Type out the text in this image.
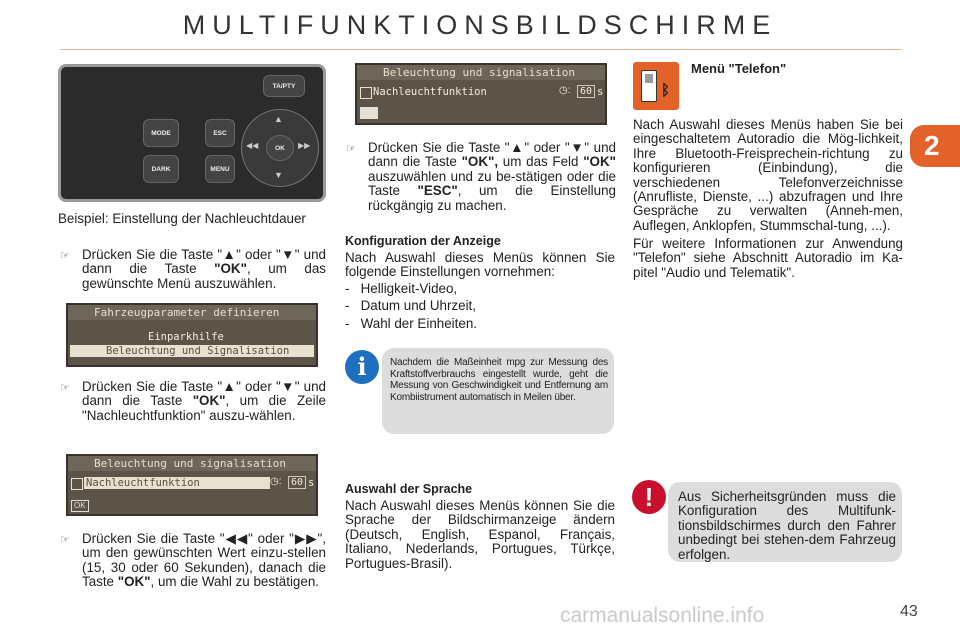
MULTIFUNKTIONSBILDSCHIRME
2
carmanualsonline.info	43
MODE
DARK
ESC
MENU
TA/PTY
▲
▼
◀◀	▶▶
OK
Beispiel: Einstellung der Nachleuchtdauer
☞ Drücken Sie die Taste "▲" oder "▼" und dann die Taste "OK", um das gewünschte Menü auszuwählen.
Fahrzeugparameter definieren
Einparkhilfe
Beleuchtung und Signalisation
☞ Drücken Sie die Taste "▲" oder "▼" und dann die Taste "OK", um die Zeile "Nachleuchtfunktion" auszu-wählen.
Beleuchtung und signalisation
Nachleuchtfunktion	◷: 60 s
OK
☞ Drücken Sie die Taste "◀◀" oder "▶▶", um den gewünschten Wert einzu-stellen (15, 30 oder 60 Sekunden), danach die Taste "OK", um die Wahl zu bestätigen.
Beleuchtung und signalisation
Nachleuchtfunktion	◷: 60 s
OK
☞ Drücken Sie die Taste "▲" oder "▼" und dann die Taste "OK", um das Feld "OK" auszuwählen und zu be-stätigen oder die Taste "ESC", um die Einstellung rückgängig zu machen.
Konfiguration der Anzeige
Nach Auswahl dieses Menüs können Sie folgende Einstellungen vornehmen:
-   Helligkeit-Video,
-   Datum und Uhrzeit,
-   Wahl der Einheiten.
Nachdem die Maßeinheit mpg zur Messung des Kraftstoffverbrauchs eingestellt wurde, geht die Messung von Geschwindigkeit und Entfernung am Kombiistrument automatisch in Meilen über.
i
Auswahl der Sprache
Nach Auswahl dieses Menüs können Sie die Sprache der Bildschirmanzeige ändern (Deutsch, English, Espanol, Français, Italiano, Nederlands, Portugues, Türkçe, Portugues-Brasil).
ᛒ
Menü "Telefon"
Nach Auswahl dieses Menüs haben Sie bei eingeschaltetem Autoradio die Mög-lichkeit, Ihre Bluetooth-Freisprechein-richtung zu konfigurieren (Einbindung), die verschiedenen Telefonverzeichnisse (Anrufliste, Dienste, ...) abzufragen und Ihre Gespräche zu verwalten (Anneh-men, Auflegen, Anklopfen, Stummschal-tung, ...).
Für weitere Informationen zur Anwendung "Telefon" siehe Abschnitt Autoradio im Ka-pitel "Audio und Telematik".
Aus Sicherheitsgründen muss die Konfiguration des Multifunk-tionsbildschirmes durch den Fahrer unbedingt bei stehen-dem Fahrzeug erfolgen.
!
